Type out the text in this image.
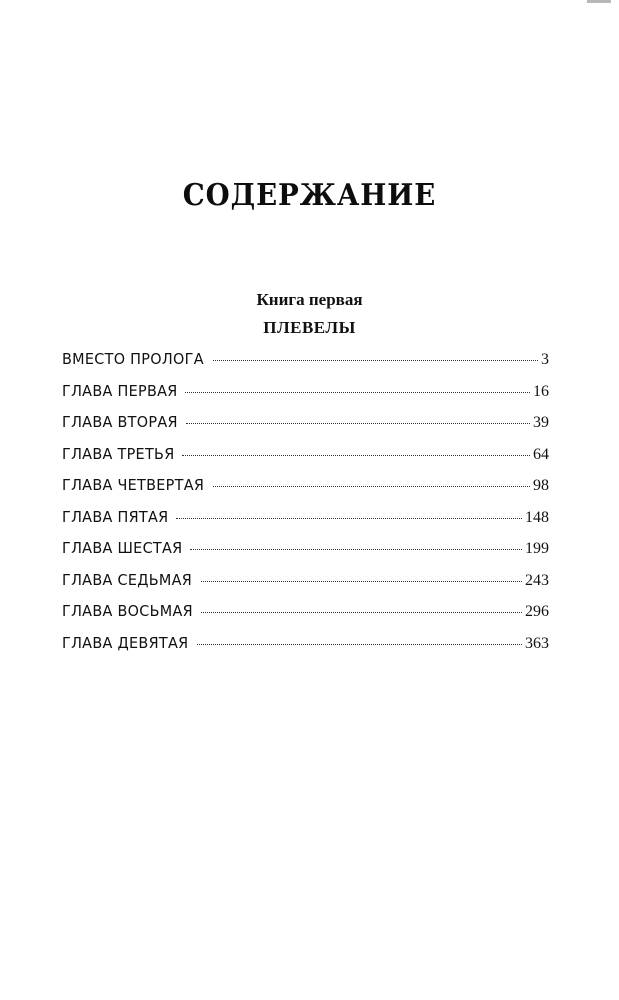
СОДЕРЖАНИЕ
Книга первая
ПЛЕВЕЛЫ
ВМЕСТО ПРОЛОГА	3
ГЛАВА ПЕРВАЯ	16
ГЛАВА ВТОРАЯ	39
ГЛАВА ТРЕТЬЯ	64
ГЛАВА ЧЕТВЕРТАЯ	98
ГЛАВА ПЯТАЯ	148
ГЛАВА ШЕСТАЯ	199
ГЛАВА СЕДЬМАЯ	243
ГЛАВА ВОСЬМАЯ	296
ГЛАВА ДЕВЯТАЯ	363
